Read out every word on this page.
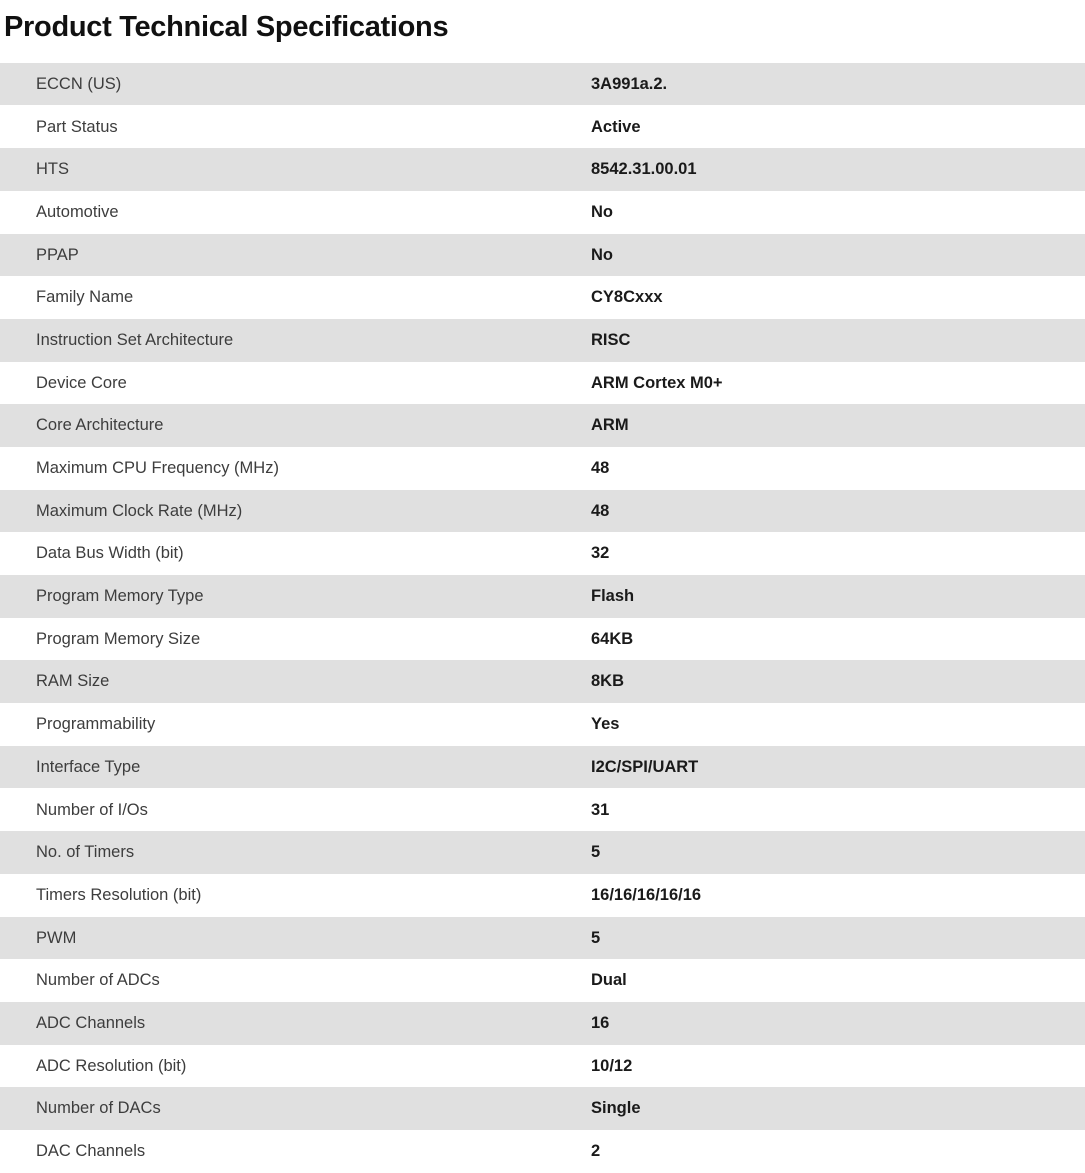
Product Technical Specifications
ECCN (US)	3A991a.2.
Part Status	Active
HTS	8542.31.00.01
Automotive	No
PPAP	No
Family Name	CY8Cxxx
Instruction Set Architecture	RISC
Device Core	ARM Cortex M0+
Core Architecture	ARM
Maximum CPU Frequency (MHz)	48
Maximum Clock Rate (MHz)	48
Data Bus Width (bit)	32
Program Memory Type	Flash
Program Memory Size	64KB
RAM Size	8KB
Programmability	Yes
Interface Type	I2C/SPI/UART
Number of I/Os	31
No. of Timers	5
Timers Resolution (bit)	16/16/16/16/16
PWM	5
Number of ADCs	Dual
ADC Channels	16
ADC Resolution (bit)	10/12
Number of DACs	Single
DAC Channels	2
